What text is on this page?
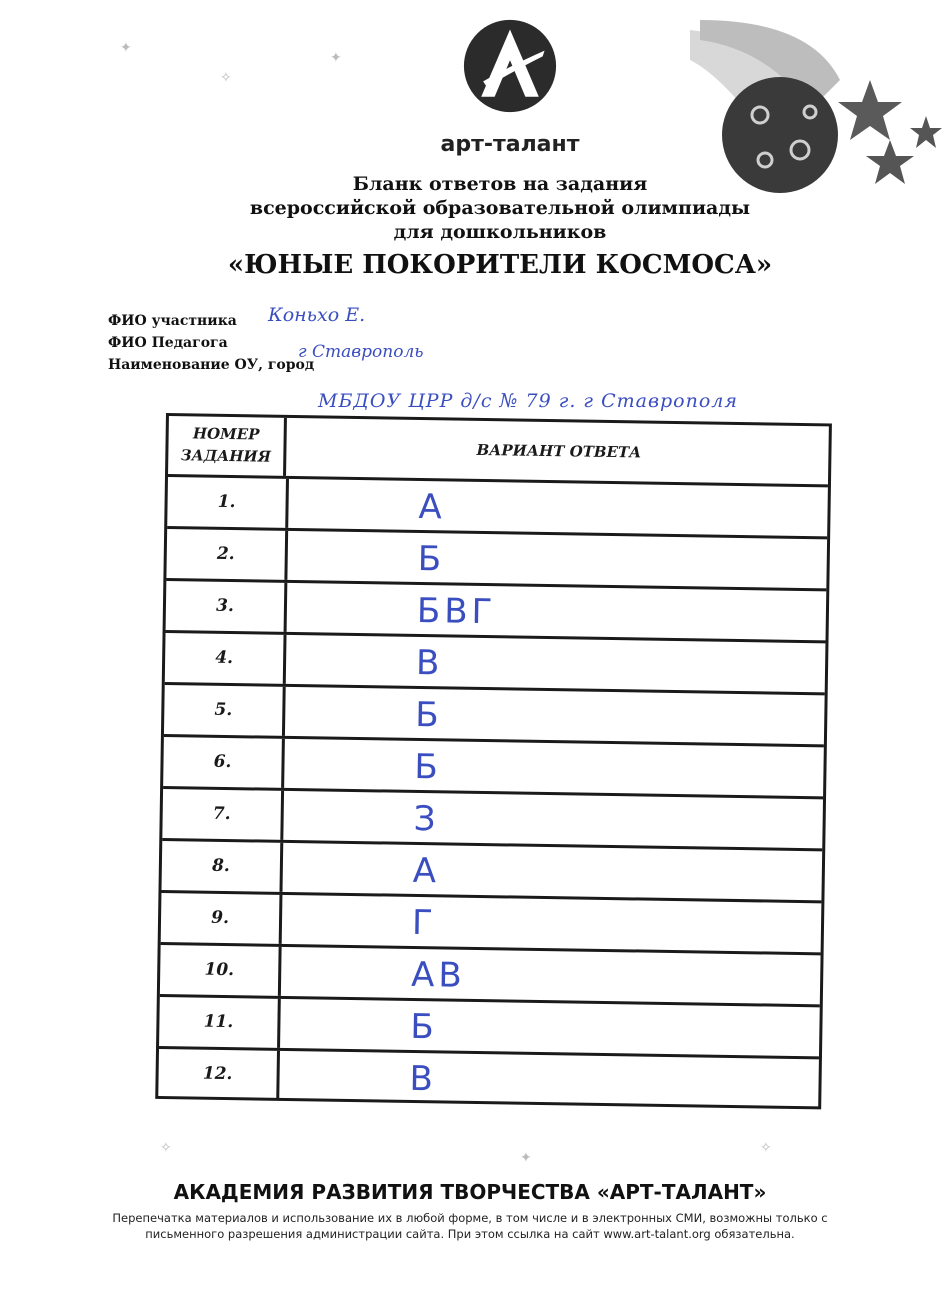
арт-талант
✦
✧
✦
✧
✦
✧
Бланк ответов на задания
всероссийской образовательной олимпиады
для дошкольников
«ЮНЫЕ ПОКОРИТЕЛИ КОСМОСА»
ФИО участника Коньхо Е.
ФИО Педагога	г Ставрополь
Наименование ОУ, город
МБДОУ ЦРР д/с № 79 г. г Ставрополя
НОМЕР
ЗАДАНИЯ	ВАРИАНТ ОТВЕТА
1.	А
2.	Б
3.	БВГ
4.	В
5.	Б
6.	Б
7.	З
8.	А
9.	Г
10.	АВ
11.	Б
12.	В
АКАДЕМИЯ РАЗВИТИЯ ТВОРЧЕСТВА «АРТ-ТАЛАНТ»
Перепечатка материалов и использование их в любой форме, в том числе и в электронных СМИ, возможны только с
письменного разрешения администрации сайта. При этом ссылка на сайт www.art-talant.org обязательна.
